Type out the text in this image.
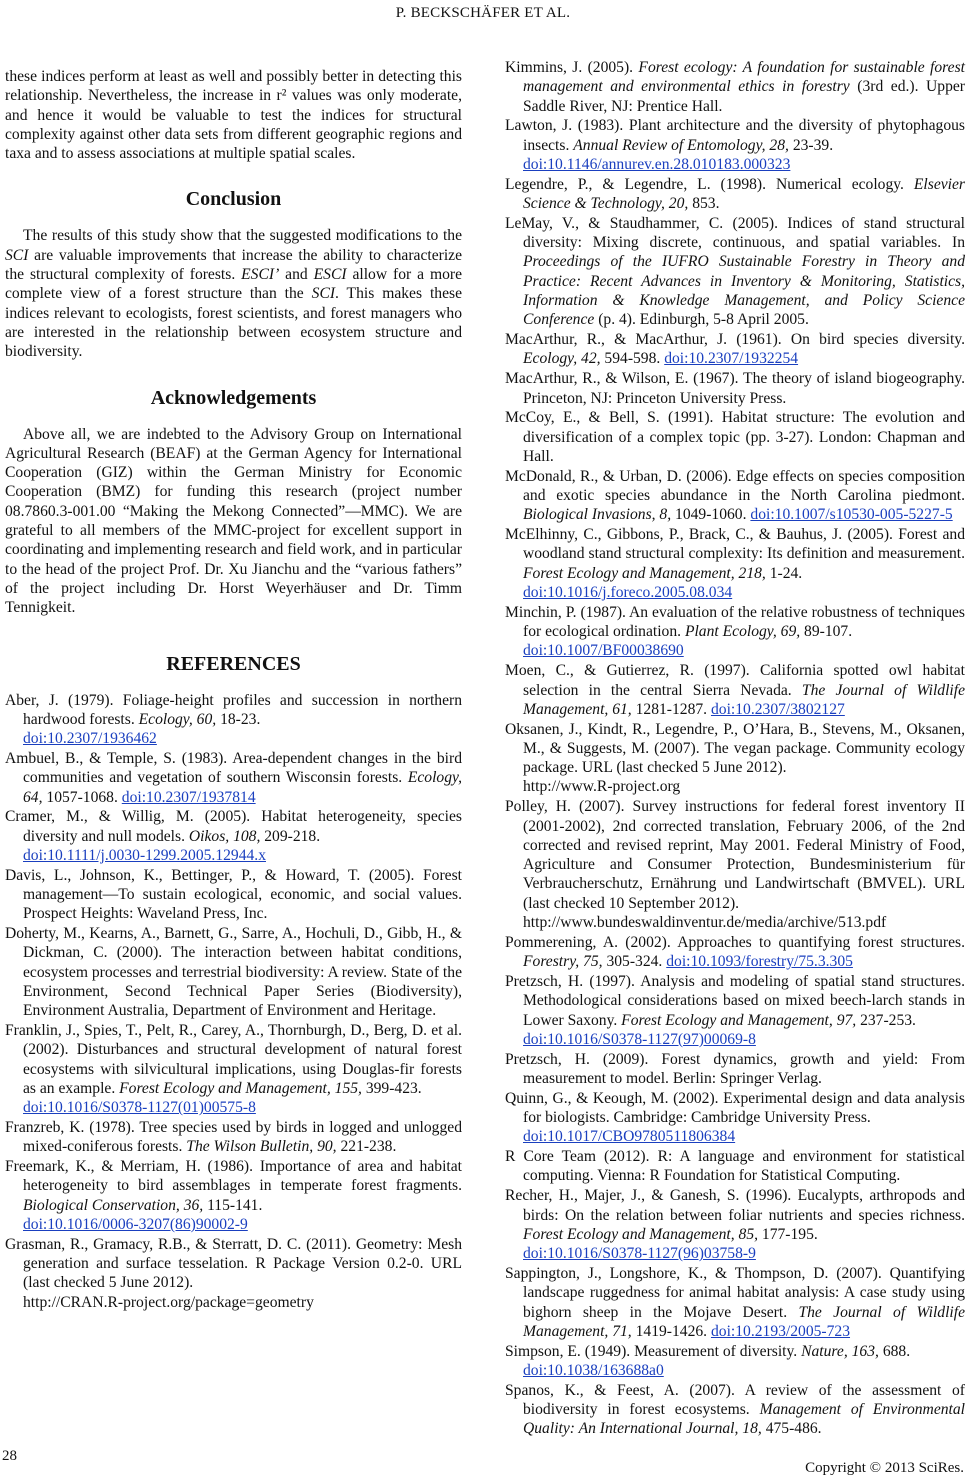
P. BECKSCHÄFER ET AL.

these indices perform at least as well and possibly better in detecting this relationship. Nevertheless, the increase in r² values was only moderate, and hence it would be valuable to test the indices for structural complexity against other data sets from different geographic regions and taxa and to assess associations at multiple spatial scales.

Conclusion

The results of this study show that the suggested modifications to the SCI are valuable improvements that increase the ability to characterize the structural complexity of forests. ESCI’ and ESCI allow for a more complete view of a forest structure than the SCI. This makes these indices relevant to ecologists, forest scientists, and forest managers who are interested in the relationship between ecosystem structure and biodiversity.

Acknowledgements

Above all, we are indebted to the Advisory Group on International Agricultural Research (BEAF) at the German Agency for International Cooperation (GIZ) within the German Ministry for Economic Cooperation (BMZ) for funding this research (project number 08.7860.3-001.00 “Making the Mekong Connected”—MMC). We are grateful to all members of the MMC-project for excellent support in coordinating and implementing research and field work, and in particular to the head of the project Prof. Dr. Xu Jianchu and the “various fathers” of the project including Dr. Horst Weyerhäuser and Dr. Timm Tennigkeit.

REFERENCES

Aber, J. (1979). Foliage-height profiles and succession in northern hardwood forests. Ecology, 60, 18-23.
doi:10.2307/1936462

Ambuel, B., & Temple, S. (1983). Area-dependent changes in the bird communities and vegetation of southern Wisconsin forests. Ecology, 64, 1057-1068. doi:10.2307/1937814

Cramer, M., & Willig, M. (2005). Habitat heterogeneity, species diversity and null models. Oikos, 108, 209-218.
doi:10.1111/j.0030-1299.2005.12944.x

Davis, L., Johnson, K., Bettinger, P., & Howard, T. (2005). Forest management—To sustain ecological, economic, and social values. Prospect Heights: Waveland Press, Inc.

Doherty, M., Kearns, A., Barnett, G., Sarre, A., Hochuli, D., Gibb, H., & Dickman, C. (2000). The interaction between habitat conditions, ecosystem processes and terrestrial biodiversity: A review. State of the Environment, Second Technical Paper Series (Biodiversity), Environment Australia, Department of Environment and Heritage.

Franklin, J., Spies, T., Pelt, R., Carey, A., Thornburgh, D., Berg, D. et al. (2002). Disturbances and structural development of natural forest ecosystems with silvicultural implications, using Douglas-fir forests as an example. Forest Ecology and Management, 155, 399-423.
doi:10.1016/S0378-1127(01)00575-8

Franzreb, K. (1978). Tree species used by birds in logged and unlogged mixed-coniferous forests. The Wilson Bulletin, 90, 221-238.

Freemark, K., & Merriam, H. (1986). Importance of area and habitat heterogeneity to bird assemblages in temperate forest fragments. Biological Conservation, 36, 115-141.
doi:10.1016/0006-3207(86)90002-9

Grasman, R., Gramacy, R.B., & Sterratt, D. C. (2011). Geometry: Mesh generation and surface tesselation. R Package Version 0.2-0. URL (last checked 5 June 2012).
http://CRAN.R-project.org/package=geometry

Kimmins, J. (2005). Forest ecology: A foundation for sustainable forest management and environmental ethics in forestry (3rd ed.). Upper Saddle River, NJ: Prentice Hall.

Lawton, J. (1983). Plant architecture and the diversity of phytophagous insects. Annual Review of Entomology, 28, 23-39.
doi:10.1146/annurev.en.28.010183.000323

Legendre, P., & Legendre, L. (1998). Numerical ecology. Elsevier Science & Technology, 20, 853.

LeMay, V., & Staudhammer, C. (2005). Indices of stand structural diversity: Mixing discrete, continuous, and spatial variables. In Proceedings of the IUFRO Sustainable Forestry in Theory and Practice: Recent Advances in Inventory & Monitoring, Statistics, Information & Knowledge Management, and Policy Science Conference (p. 4). Edinburgh, 5-8 April 2005.

MacArthur, R., & MacArthur, J. (1961). On bird species diversity. Ecology, 42, 594-598. doi:10.2307/1932254

MacArthur, R., & Wilson, E. (1967). The theory of island biogeography. Princeton, NJ: Princeton University Press.

McCoy, E., & Bell, S. (1991). Habitat structure: The evolution and diversification of a complex topic (pp. 3-27). London: Chapman and Hall.

McDonald, R., & Urban, D. (2006). Edge effects on species composition and exotic species abundance in the North Carolina piedmont. Biological Invasions, 8, 1049-1060. doi:10.1007/s10530-005-5227-5

McElhinny, C., Gibbons, P., Brack, C., & Bauhus, J. (2005). Forest and woodland stand structural complexity: Its definition and measurement. Forest Ecology and Management, 218, 1-24.
doi:10.1016/j.foreco.2005.08.034

Minchin, P. (1987). An evaluation of the relative robustness of techniques for ecological ordination. Plant Ecology, 69, 89-107.
doi:10.1007/BF00038690

Moen, C., & Gutierrez, R. (1997). California spotted owl habitat selection in the central Sierra Nevada. The Journal of Wildlife Management, 61, 1281-1287. doi:10.2307/3802127

Oksanen, J., Kindt, R., Legendre, P., O’Hara, B., Stevens, M., Oksanen, M., & Suggests, M. (2007). The vegan package. Community ecology package. URL (last checked 5 June 2012).
http://www.R-project.org

Polley, H. (2007). Survey instructions for federal forest inventory II (2001-2002), 2nd corrected translation, February 2006, of the 2nd corrected and revised reprint, May 2001. Federal Ministry of Food, Agriculture and Consumer Protection, Bundesministerium für Verbraucherschutz, Ernährung und Landwirtschaft (BMVEL). URL (last checked 10 September 2012).
http://www.bundeswaldinventur.de/media/archive/513.pdf

Pommerening, A. (2002). Approaches to quantifying forest structures. Forestry, 75, 305-324. doi:10.1093/forestry/75.3.305

Pretzsch, H. (1997). Analysis and modeling of spatial stand structures. Methodological considerations based on mixed beech-larch stands in Lower Saxony. Forest Ecology and Management, 97, 237-253.
doi:10.1016/S0378-1127(97)00069-8

Pretzsch, H. (2009). Forest dynamics, growth and yield: From measurement to model. Berlin: Springer Verlag.

Quinn, G., & Keough, M. (2002). Experimental design and data analysis for biologists. Cambridge: Cambridge University Press.
doi:10.1017/CBO9780511806384

R Core Team (2012). R: A language and environment for statistical computing. Vienna: R Foundation for Statistical Computing.

Recher, H., Majer, J., & Ganesh, S. (1996). Eucalypts, arthropods and birds: On the relation between foliar nutrients and species richness. Forest Ecology and Management, 85, 177-195.
doi:10.1016/S0378-1127(96)03758-9

Sappington, J., Longshore, K., & Thompson, D. (2007). Quantifying landscape ruggedness for animal habitat analysis: A case study using bighorn sheep in the Mojave Desert. The Journal of Wildlife Management, 71, 1419-1426. doi:10.2193/2005-723

Simpson, E. (1949). Measurement of diversity. Nature, 163, 688.
doi:10.1038/163688a0

Spanos, K., & Feest, A. (2007). A review of the assessment of biodiversity in forest ecosystems. Management of Environmental Quality: An International Journal, 18, 475-486.

28
Copyright © 2013 SciRes.
